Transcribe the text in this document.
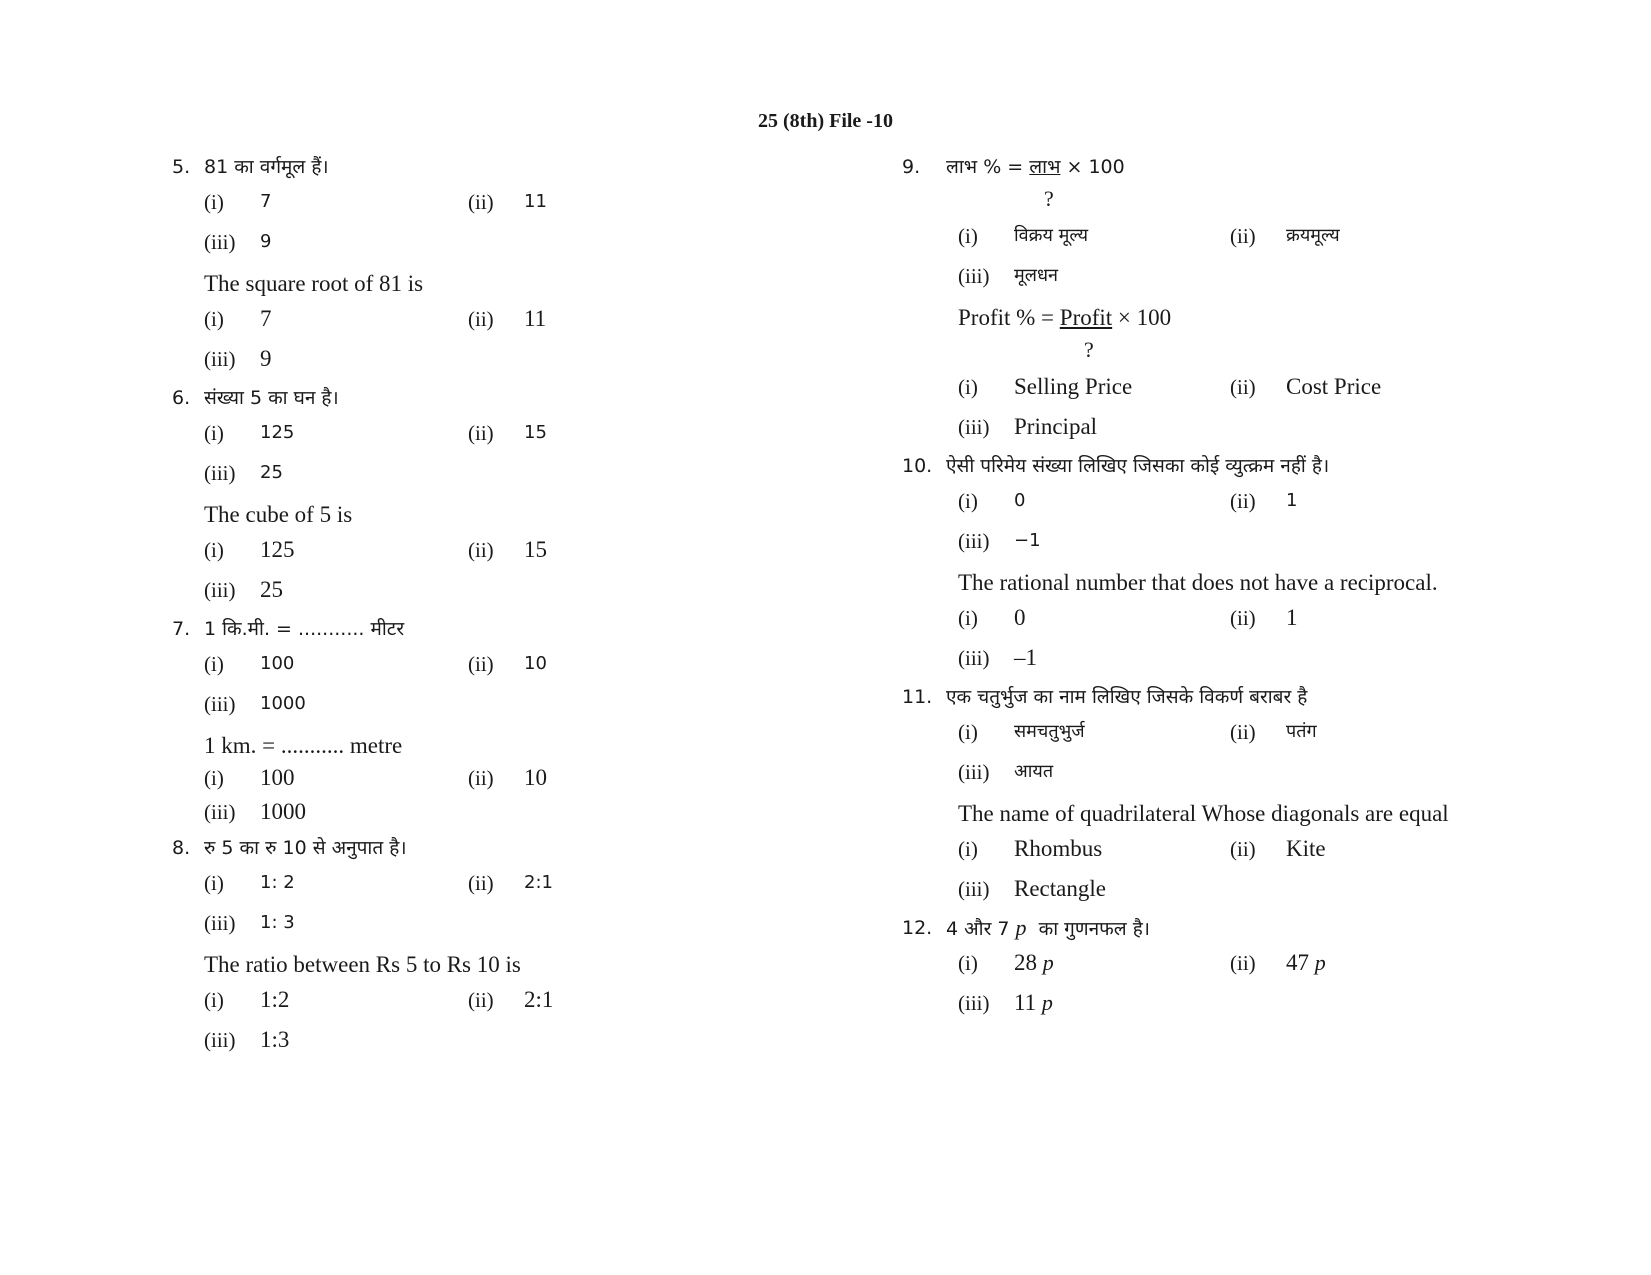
25 (8th) File -10
5. 81 का वर्गमूल हैं।
(i)	7	(ii)	11
(iii)	9
The square root of 81 is
(i)	7	(ii)	11
(iii)	9
6. संख्या 5 का घन है।
(i)	125	(ii)	15
(iii)	25
The cube of 5 is
(i)	125	(ii)	15
(iii)	25
7. 1 कि.मी. = ........... मीटर
(i)	100	(ii)	10
(iii)	1000
1 km. = ........... metre
(i)	100	(ii)	10
(iii)	1000
8. रु 5 का रु 10 से अनुपात है।
(i)	1: 2	(ii)	2:1
(iii)	1: 3
The ratio between Rs 5 to Rs 10 is
(i)	1:2	(ii)	2:1
(iii)	1:3
9.	लाभ % = लाभ × 100
?
(i)	विक्रय मूल्य	(ii)	क्रयमूल्य
(iii)	मूलधन
Profit % = Profit × 100
?
(i)	Selling Price	(ii)	Cost Price
(iii)	Principal
10. ऐसी परिमेय संख्या लिखिए जिसका कोई व्युत्क्रम नहीं है।
(i)	0	(ii)	1
(iii)	−1
The rational number that does not have a reciprocal.
(i)	0	(ii)	1
(iii)	–1
11. एक चतुर्भुज का नाम लिखिए जिसके विकर्ण बराबर है
(i)	समचतुभुर्ज	(ii)	पतंग
(iii)	आयत
The name of quadrilateral Whose diagonals are equal
(i)	Rhombus	(ii)	Kite
(iii)	Rectangle
12. 4 और 7 p का गुणनफल है।
(i)	28 p	(ii)	47 p
(iii)	11 p
